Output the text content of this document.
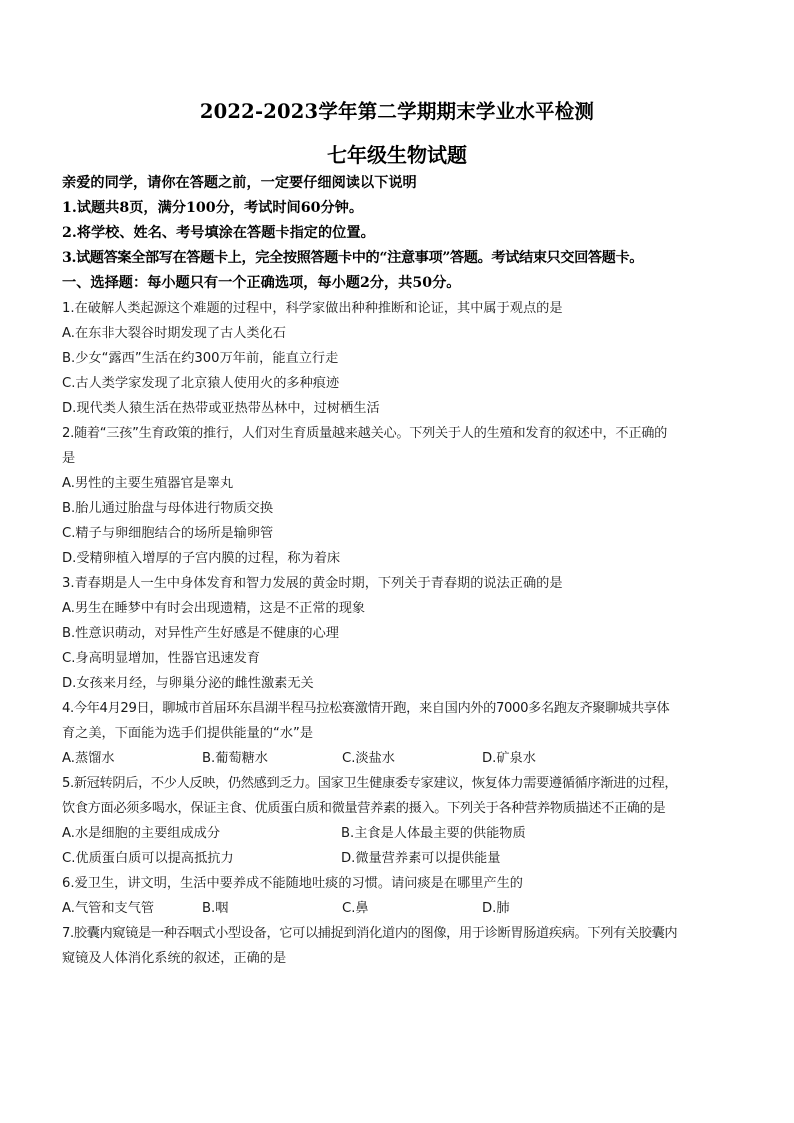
2022-2023学年第二学期期末学业水平检测
七年级生物试题
亲爱的同学，请你在答题之前，一定要仔细阅读以下说明
1.试题共8页，满分100分，考试时间60分钟。
2.将学校、姓名、考号填涂在答题卡指定的位置。
3.试题答案全部写在答题卡上，完全按照答题卡中的“注意事项”答题。考试结束只交回答题卡。
一、选择题：每小题只有一个正确选项，每小题2分，共50分。
1.在破解人类起源这个难题的过程中，科学家做出种种推断和论证，其中属于观点的是
A.在东非大裂谷时期发现了古人类化石
B.少女“露西”生活在约300万年前，能直立行走
C.古人类学家发现了北京猿人使用火的多种痕迹
D.现代类人猿生活在热带或亚热带丛林中，过树栖生活
2.随着“三孩”生育政策的推行，人们对生育质量越来越关心。下列关于人的生殖和发育的叙述中，不正确的
是
A.男性的主要生殖器官是睾丸
B.胎儿通过胎盘与母体进行物质交换
C.精子与卵细胞结合的场所是输卵管
D.受精卵植入增厚的子宫内膜的过程，称为着床
3.青春期是人一生中身体发育和智力发展的黄金时期，下列关于青春期的说法正确的是
A.男生在睡梦中有时会出现遗精，这是不正常的现象
B.性意识萌动，对异性产生好感是不健康的心理
C.身高明显增加，性器官迅速发育
D.女孩来月经，与卵巢分泌的雌性激素无关
4.今年4月29日，聊城市首届环东昌湖半程马拉松赛激情开跑，来自国内外的7000多名跑友齐聚聊城共享体
育之美，下面能为选手们提供能量的“水”是
A.蒸馏水	B.葡萄糖水	C.淡盐水	D.矿泉水
5.新冠转阴后，不少人反映，仍然感到乏力。国家卫生健康委专家建议，恢复体力需要遵循循序渐进的过程，
饮食方面必须多喝水，保证主食、优质蛋白质和微量营养素的摄入。下列关于各种营养物质描述不正确的是
A.水是细胞的主要组成成分	B.主食是人体最主要的供能物质
C.优质蛋白质可以提高抵抗力	D.微量营养素可以提供能量
6.爱卫生，讲文明，生活中要养成不能随地吐痰的习惯。请问痰是在哪里产生的
A.气管和支气管	B.咽	C.鼻	D.肺
7.胶囊内窥镜是一种吞咽式小型设备，它可以捕捉到消化道内的图像，用于诊断胃肠道疾病。下列有关胶囊内
窥镜及人体消化系统的叙述，正确的是
